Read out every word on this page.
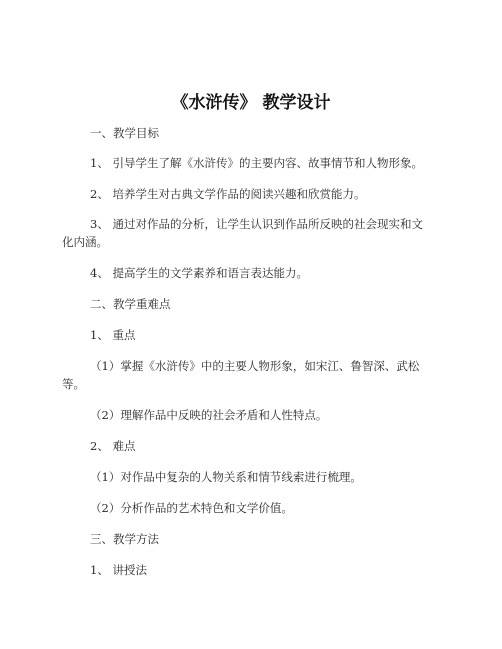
《水浒传》 教学设计
一、教学目标
1、 引导学生了解《水浒传》的主要内容、故事情节和人物形象。
2、 培养学生对古典文学作品的阅读兴趣和欣赏能力。
3、 通过对作品的分析，让学生认识到作品所反映的社会现实和文
化内涵。
4、 提高学生的文学素养和语言表达能力。
二、教学重难点
1、 重点
（1）掌握《水浒传》中的主要人物形象，如宋江、鲁智深、武松
等。
（2）理解作品中反映的社会矛盾和人性特点。
2、 难点
（1）对作品中复杂的人物关系和情节线索进行梳理。
（2）分析作品的艺术特色和文学价值。
三、教学方法
1、 讲授法
